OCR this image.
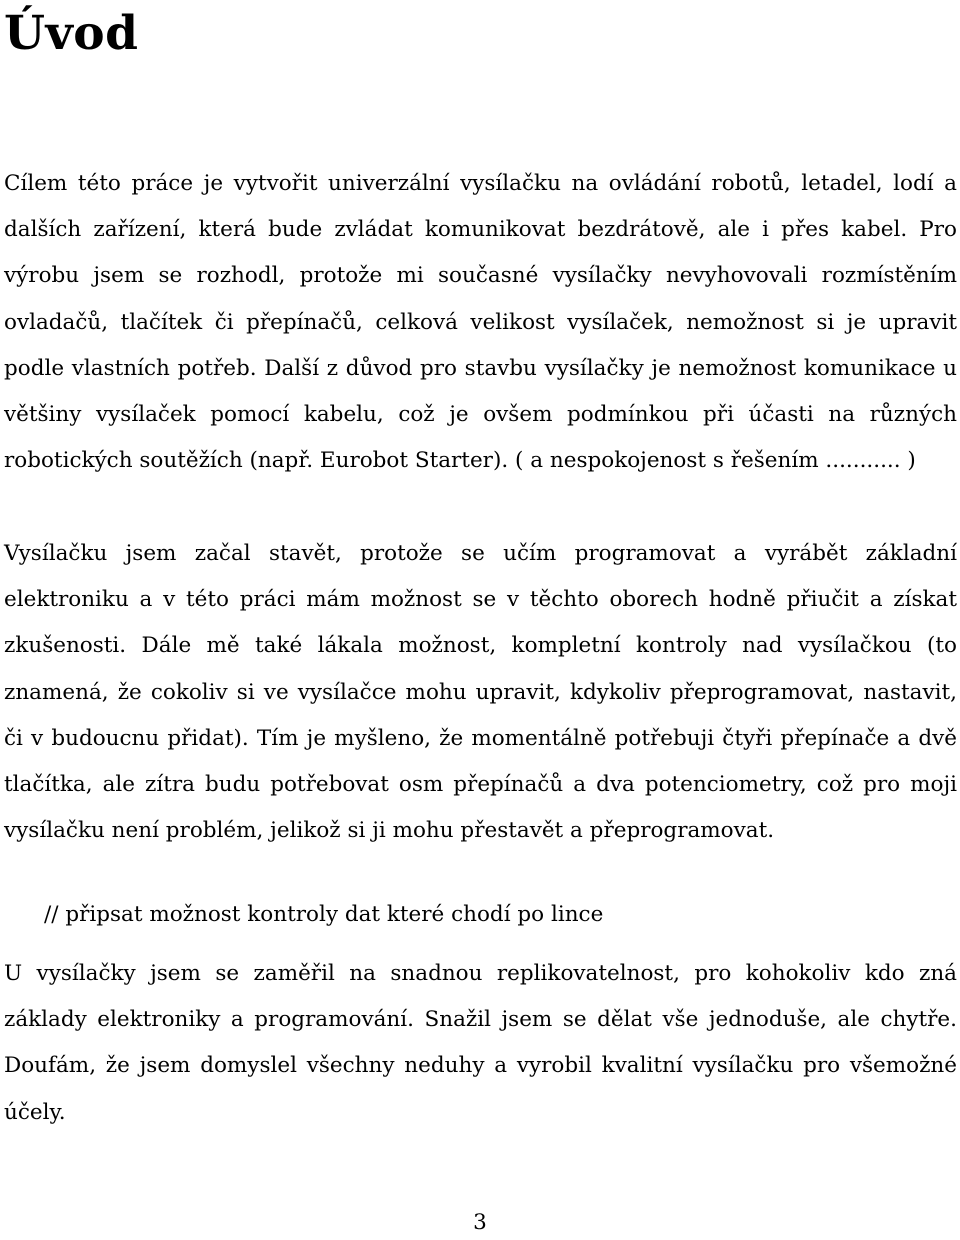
Úvod

Cílem této práce je vytvořit univerzální vysílačku na ovládání robotů, letadel, lodí a dalších zařízení, která bude zvládat komunikovat bezdrátově, ale i přes kabel. Pro výrobu jsem se rozhodl, protože mi současné vysílačky nevyhovovali rozmístěním ovladačů, tlačítek či přepínačů, celková velikost vysílaček, nemožnost si je upravit podle vlastních potřeb. Další z důvod pro stavbu vysílačky je nemožnost komunikace u většiny vysílaček pomocí kabelu, což je ovšem podmínkou při účasti na různých robotických soutěžích (např. Eurobot Starter). ( a nespokojenost s řešením ........... )

Vysílačku jsem začal stavět, protože se učím programovat a vyrábět základní elektroniku a v této práci mám možnost se v těchto oborech hodně přiučit a získat zkušenosti. Dále mě také lákala možnost, kompletní kontroly nad vysílačkou (to znamená, že cokoliv si ve vysílačce mohu upravit, kdykoliv přeprogramovat, nastavit, či v budoucnu přidat). Tím je myšleno, že momentálně potřebuji čtyři přepínače a dvě tlačítka, ale zítra budu potřebovat osm přepínačů a dva potenciometry, což pro moji vysílačku není problém, jelikož si ji mohu přestavět a přeprogramovat.

// připsat možnost kontroly dat které chodí po lince

U vysílačky jsem se zaměřil na snadnou replikovatelnost, pro kohokoliv kdo zná základy elektroniky a programování. Snažil jsem se dělat vše jednoduše, ale chytře. Doufám, že jsem domyslel všechny neduhy a vyrobil kvalitní vysílačku pro všemožné účely.

3
